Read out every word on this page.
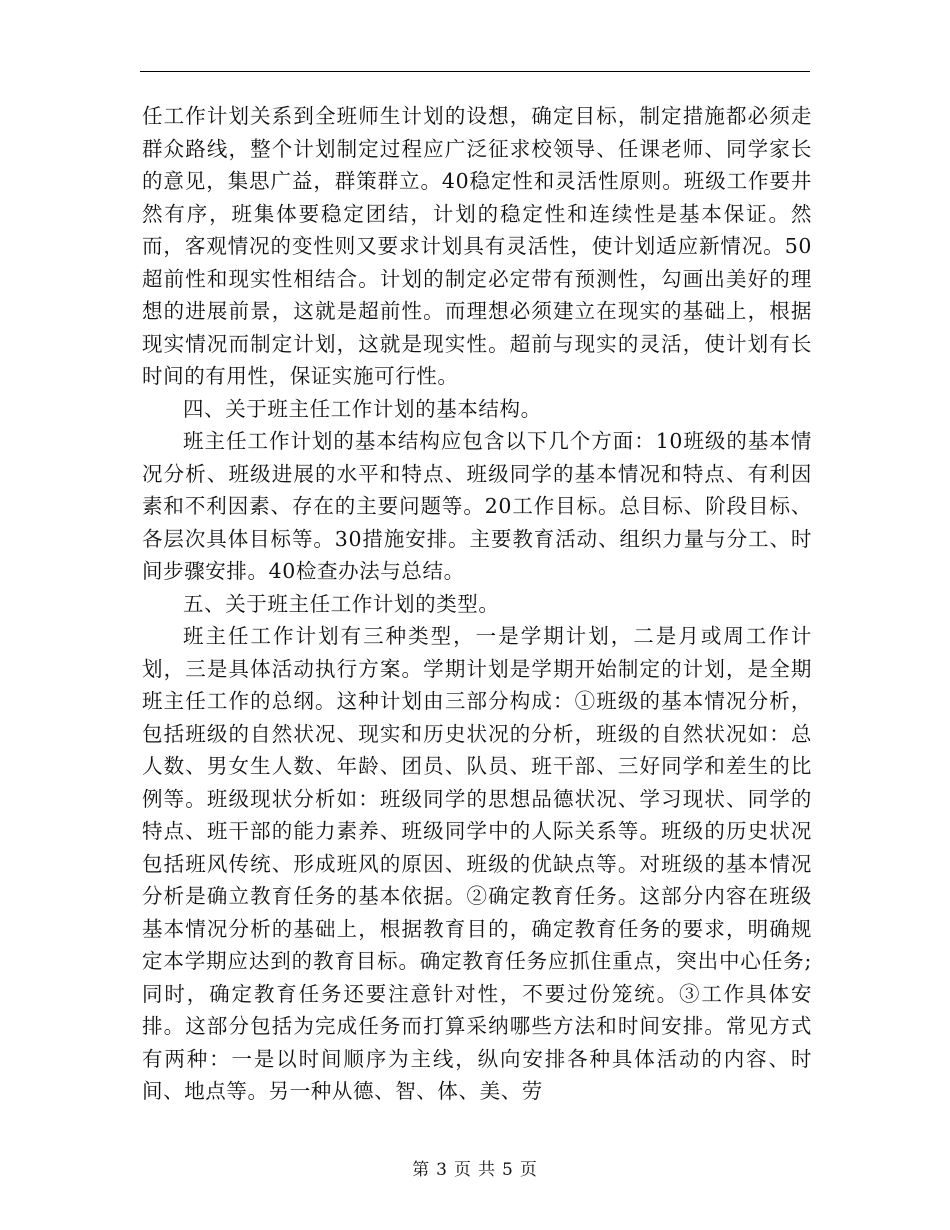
任工作计划关系到全班师生计划的设想，确定目标，制定措施都必须走群众路线，整个计划制定过程应广泛征求校领导、任课老师、同学家长的意见，集思广益，群策群立。40稳定性和灵活性原则。班级工作要井然有序，班集体要稳定团结，计划的稳定性和连续性是基本保证。然而，客观情况的变性则又要求计划具有灵活性，使计划适应新情况。50超前性和现实性相结合。计划的制定必定带有预测性，勾画出美好的理想的进展前景，这就是超前性。而理想必须建立在现实的基础上，根据现实情况而制定计划，这就是现实性。超前与现实的灵活，使计划有长时间的有用性，保证实施可行性。

四、关于班主任工作计划的基本结构。

班主任工作计划的基本结构应包含以下几个方面：10班级的基本情况分析、班级进展的水平和特点、班级同学的基本情况和特点、有利因素和不利因素、存在的主要问题等。20工作目标。总目标、阶段目标、各层次具体目标等。30措施安排。主要教育活动、组织力量与分工、时间步骤安排。40检查办法与总结。

五、关于班主任工作计划的类型。

班主任工作计划有三种类型，一是学期计划，二是月或周工作计划，三是具体活动执行方案。学期计划是学期开始制定的计划，是全期班主任工作的总纲。这种计划由三部分构成：①班级的基本情况分析，包括班级的自然状况、现实和历史状况的分析，班级的自然状况如：总人数、男女生人数、年龄、团员、队员、班干部、三好同学和差生的比例等。班级现状分析如：班级同学的思想品德状况、学习现状、同学的特点、班干部的能力素养、班级同学中的人际关系等。班级的历史状况包括班风传统、形成班风的原因、班级的优缺点等。对班级的基本情况分析是确立教育任务的基本依据。②确定教育任务。这部分内容在班级基本情况分析的基础上，根据教育目的，确定教育任务的要求，明确规定本学期应达到的教育目标。确定教育任务应抓住重点，突出中心任务;同时，确定教育任务还要注意针对性，不要过份笼统。③工作具体安排。这部分包括为完成任务而打算采纳哪些方法和时间安排。常见方式有两种：一是以时间顺序为主线，纵向安排各种具体活动的内容、时间、地点等。另一种从德、智、体、美、劳

第 3 页 共 5 页
